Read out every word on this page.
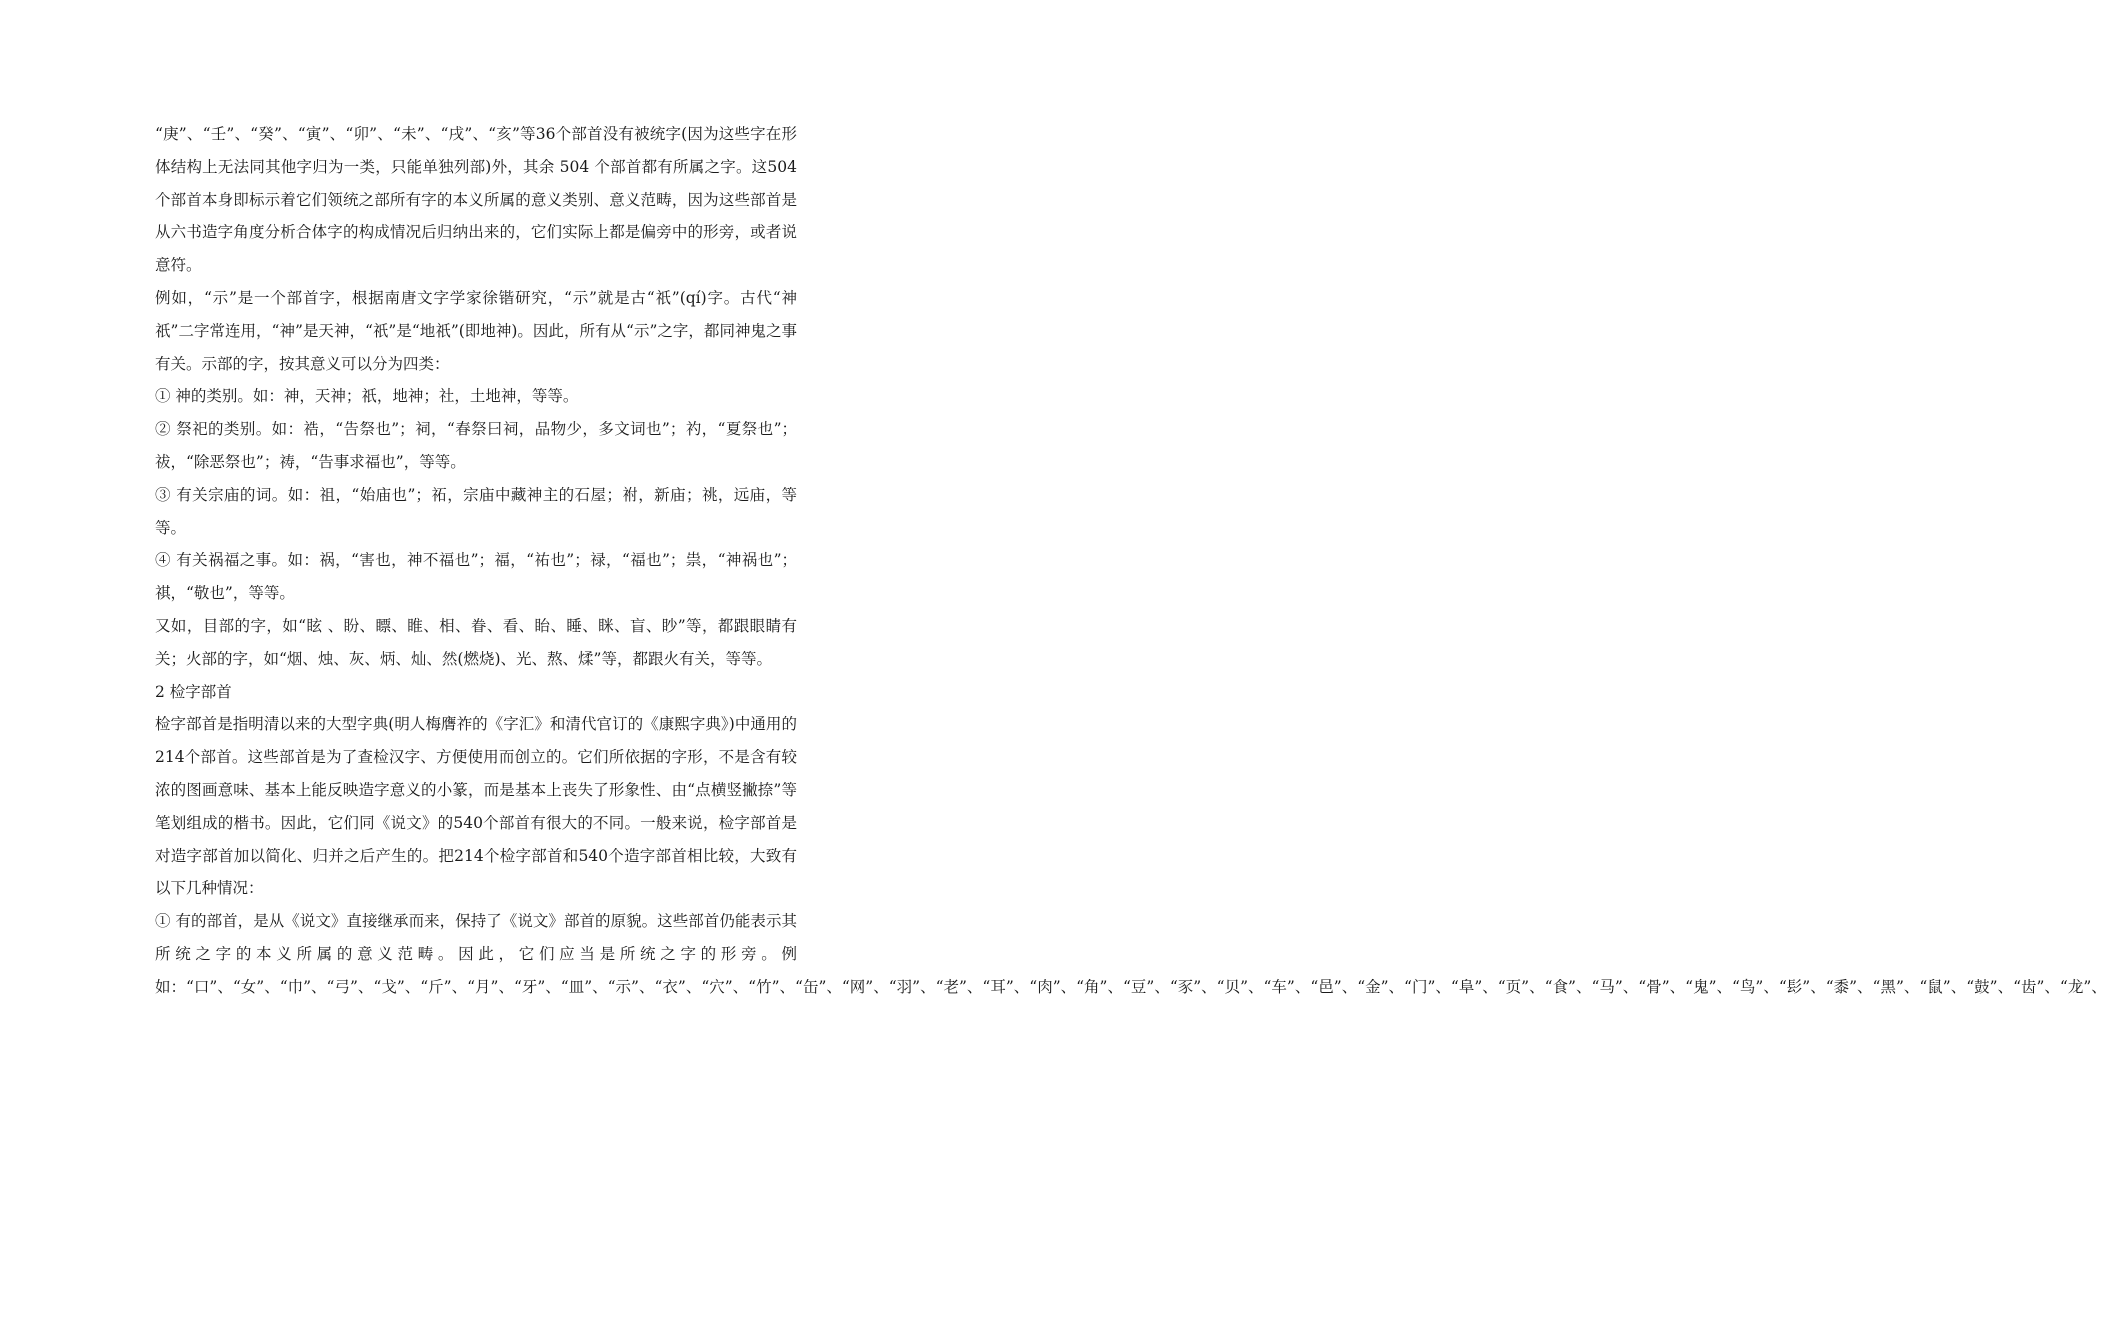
“庚”、“壬”、“癸”、“寅”、“卯”、“未”、“戌”、“亥”等36个部首没有被统字(因为这些字在形体结构上无法同其他字归为一类，只能单独列部)外，其余 504 个部首都有所属之字。这504个部首本身即标示着它们领统之部所有字的本义所属的意义类别、意义范畴，因为这些部首是从六书造字角度分析合体字的构成情况后归纳出来的，它们实际上都是偏旁中的形旁，或者说意符。

例如，“示”是一个部首字，根据南唐文字学家徐锴研究，“示”就是古“祇”(qí)字。古代“神祇”二字常连用，“神”是天神，“祇”是“地祇”(即地神)。因此，所有从“示”之字，都同神鬼之事有关。示部的字，按其意义可以分为四类：

① 神的类别。如：神，天神；祇，地神；社，土地神，等等。

② 祭祀的类别。如：祰，“告祭也”；祠，“春祭曰祠，品物少，多文词也”；礿，“夏祭也”；祓，“除恶祭也”；祷，“告事求福也”，等等。

③ 有关宗庙的词。如：祖，“始庙也”；祏，宗庙中藏神主的石屋；祔，新庙；祧，远庙，等等。

④ 有关祸福之事。如：祸，“害也，神不福也”；福，“祐也”；禄，“福也”；祟，“神祸也”；祺，“敬也”，等等。

又如，目部的字，如“眩 、盼、瞟、睢、相、眷、看、眙、睡、眯、盲、眇”等，都跟眼睛有关；火部的字，如“烟、烛、灰、炳、灿、然(燃烧)、光、熬、煣”等，都跟火有关，等等。

2 检字部首

检字部首是指明清以来的大型字典(明人梅膺祚的《字汇》和清代官订的《康熙字典》)中通用的214个部首。这些部首是为了查检汉字、方便使用而创立的。它们所依据的字形，不是含有较浓的图画意味、基本上能反映造字意义的小篆，而是基本上丧失了形象性、由“点横竖撇捺”等笔划组成的楷书。因此，它们同《说文》的540个部首有很大的不同。一般来说，检字部首是对造字部首加以简化、归并之后产生的。把214个检字部首和540个造字部首相比较，大致有以下几种情况：

① 有的部首，是从《说文》直接继承而来，保持了《说文》部首的原貌。这些部首仍能表示其所统之字的本义所属的意义范畴。因此，它们应当是所统之字的形旁。例如：“口”、“女”、“巾”、“弓”、“戈”、“斤”、“月”、“牙”、“皿”、“示”、“衣”、“穴”、“竹”、“缶”、“网”、“羽”、“老”、“耳”、“肉”、“角”、“豆”、“豕”、“贝”、“车”、“邑”、“金”、“门”、“阜”、“页”、“食”、“马”、“骨”、“鬼”、“鸟”、“髟”、“黍”、“黑”、“鼠”、“鼓”、“齿”、“龙”、
